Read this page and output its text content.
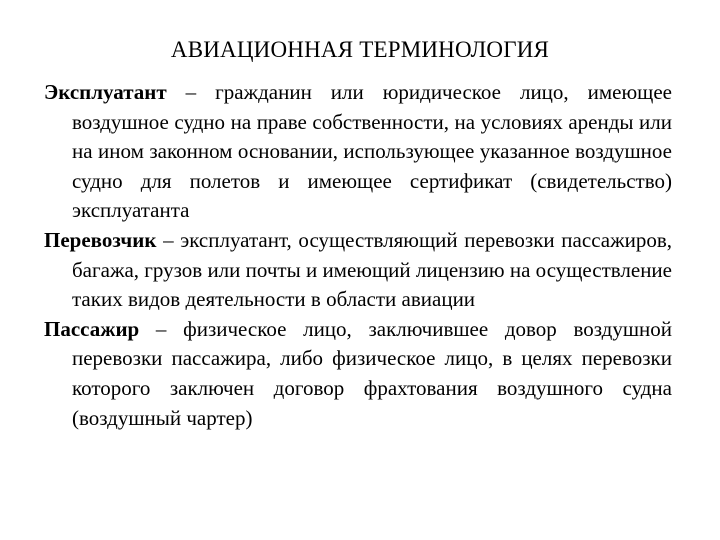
АВИАЦИОННАЯ ТЕРМИНОЛОГИЯ

Эксплуатант – гражданин или юридическое лицо, имеющее воздушное судно на праве собственности, на условиях аренды или на ином законном основании, использующее указанное воздушное судно для полетов и имеющее сертификат (свидетельство) эксплуатанта

Перевозчик – эксплуатант, осуществляющий перевозки пассажиров, багажа, грузов или почты и имеющий лицензию на осуществление таких видов деятельности в области авиации

Пассажир – физическое лицо, заключившее довор воздушной перевозки пассажира, либо физическое лицо, в целях перевозки которого заключен договор фрахтования воздушного судна (воздушный чартер)
